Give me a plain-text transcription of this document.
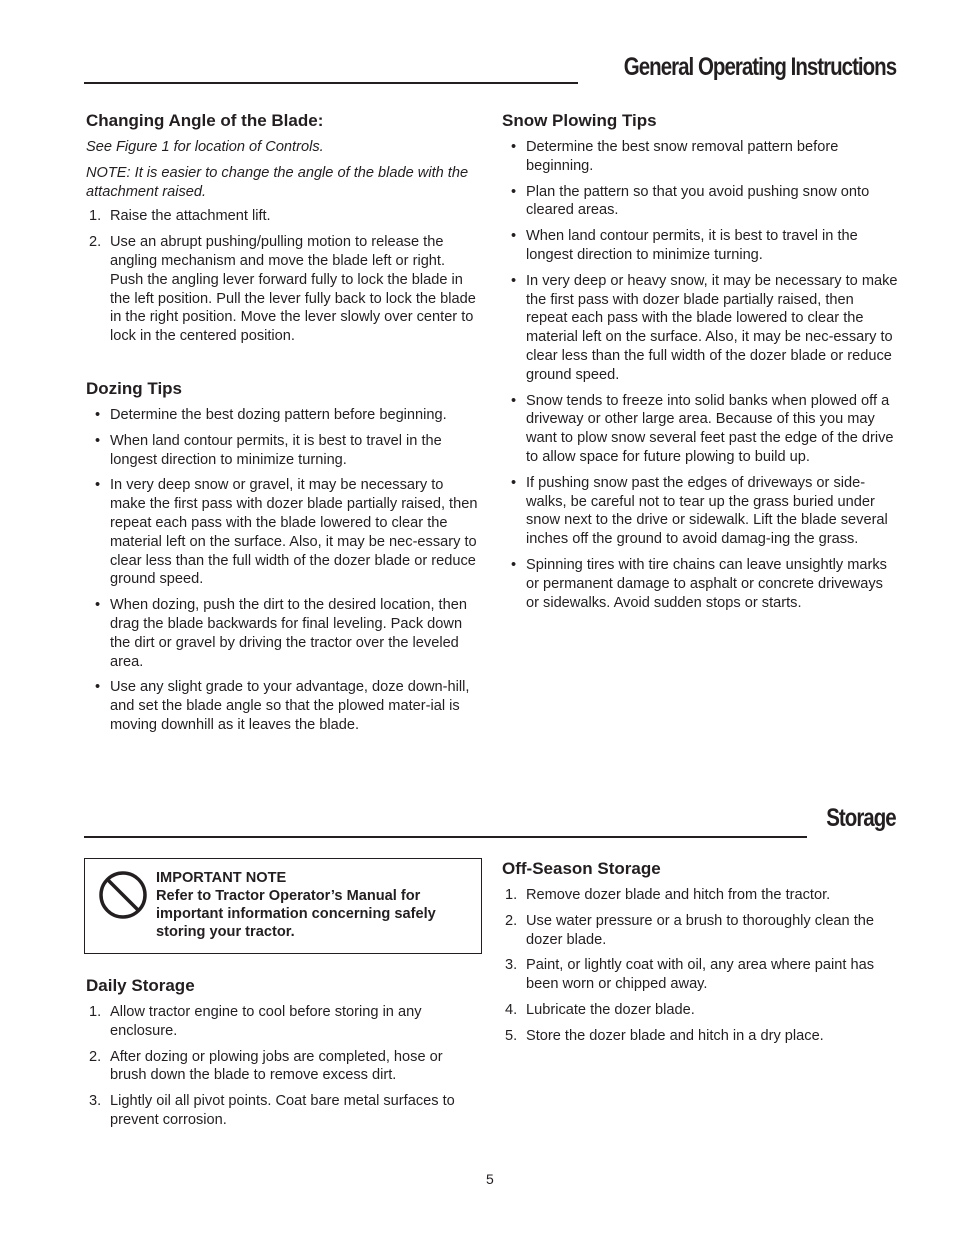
General Operating Instructions
Changing Angle of the Blade:

See Figure 1 for location of Controls.

NOTE: It is easier to change the angle of the blade with the attachment raised.

1. Raise the attachment lift.
2. Use an abrupt pushing/pulling motion to release the angling mechanism and move the blade left or right. Push the angling lever forward fully to lock the blade in the left position. Pull the lever fully back to lock the blade in the right position. Move the lever slowly over center to lock in the centered position.
Dozing Tips
• Determine the best dozing pattern before beginning.
• When land contour permits, it is best to travel in the longest direction to minimize turning.
• In very deep snow or gravel, it may be necessary to make the first pass with dozer blade partially raised, then repeat each pass with the blade lowered to clear the material left on the surface. Also, it may be nec-essary to clear less than the full width of the dozer blade or reduce ground speed.
• When dozing, push the dirt to the desired location, then drag the blade backwards for final leveling. Pack down the dirt or gravel by driving the tractor over the leveled area.
• Use any slight grade to your advantage, doze down-hill, and set the blade angle so that the plowed mater-ial is moving downhill as it leaves the blade.
Snow Plowing Tips
• Determine the best snow removal pattern before beginning.
• Plan the pattern so that you avoid pushing snow onto cleared areas.
• When land contour permits, it is best to travel in the longest direction to minimize turning.
• In very deep or heavy snow, it may be necessary to make the first pass with dozer blade partially raised, then repeat each pass with the blade lowered to clear the material left on the surface. Also, it may be nec-essary to clear less than the full width of the dozer blade or reduce ground speed.
• Snow tends to freeze into solid banks when plowed off a driveway or other large area. Because of this you may want to plow snow several feet past the edge of the drive to allow space for future plowing to build up.
• If pushing snow past the edges of driveways or side-walks, be careful not to tear up the grass buried under snow next to the drive or sidewalk. Lift the blade several inches off the ground to avoid damag-ing the grass.
• Spinning tires with tire chains can leave unsightly marks or permanent damage to asphalt or concrete driveways or sidewalks. Avoid sudden stops or starts.
Storage
IMPORTANT NOTE
Refer to Tractor Operator’s Manual for important information concerning safely storing your tractor.
Daily Storage
1. Allow tractor engine to cool before storing in any enclosure.
2. After dozing or plowing jobs are completed, hose or brush down the blade to remove excess dirt.
3. Lightly oil all pivot points. Coat bare metal surfaces to prevent corrosion.
Off-Season Storage
1. Remove dozer blade and hitch from the tractor.
2. Use water pressure or a brush to thoroughly clean the dozer blade.
3. Paint, or lightly coat with oil, any area where paint has been worn or chipped away.
4. Lubricate the dozer blade.
5. Store the dozer blade and hitch in a dry place.
5
